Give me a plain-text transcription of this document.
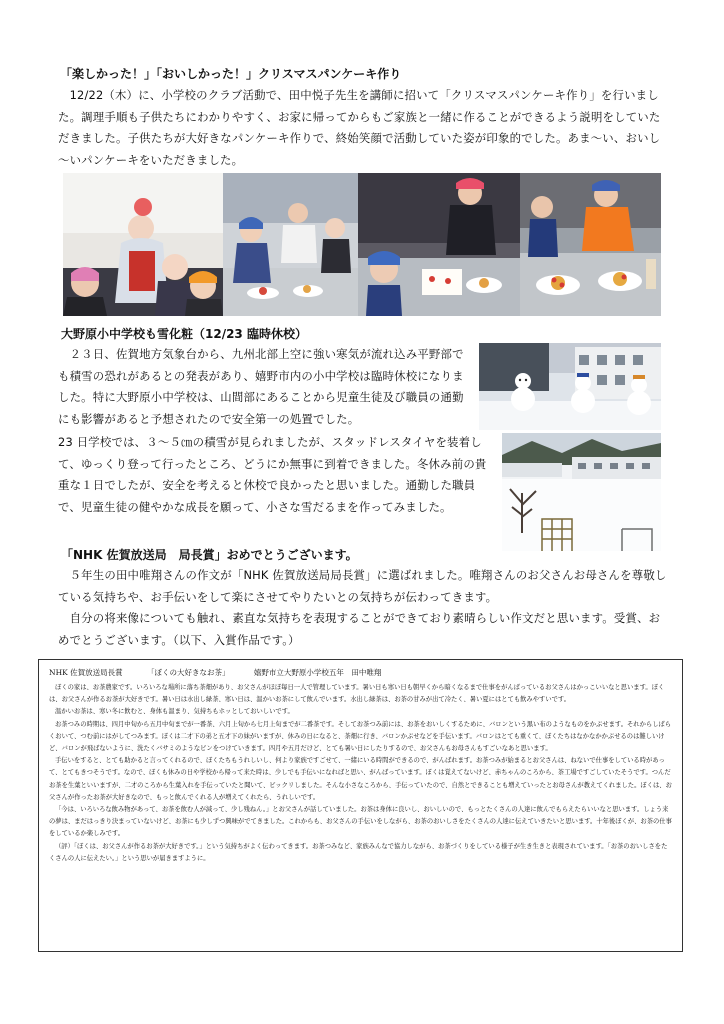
「楽しかった！」「おいしかった！」クリスマスパンケーキ作り

　12/22（木）に、小学校のクラブ活動で、田中悦子先生を講師に招いて「クリスマスパンケーキ作り」を行いました。調理手順も子供たちにわかりやすく、お家に帰ってからもご家族と一緒に作ることができるよう説明をしていただきました。子供たちが大好きなパンケーキ作りで、終始笑顔で活動していた姿が印象的でした。あま～い、おいし～いパンケーキをいただきました。

大野原小中学校も雪化粧（12/23 臨時休校）

　２３日、佐賀地方気象台から、九州北部上空に強い寒気が流れ込み平野部でも積雪の恐れがあるとの発表があり、嬉野市内の小中学校は臨時休校になりました。特に大野原小中学校は、山間部にあることから児童生徒及び職員の通勤にも影響があると予想されたので安全第一の処置でした。

23 日学校では、３～５㎝の積雪が見られましたが、スタッドレスタイヤを装着して、ゆっくり登って行ったところ、どうにか無事に到着できました。冬休み前の貴重な１日でしたが、安全を考えると休校で良かったと思いました。通勤した職員で、児童生徒の健やかな成長を願って、小さな雪だるまを作ってみました。

「NHK 佐賀放送局　局長賞」おめでとうございます。

　５年生の田中唯翔さんの作文が「NHK 佐賀放送局局長賞」に選ばれました。唯翔さんのお父さんお母さんを尊敬している気持ちや、お手伝いをして楽にさせてやりたいとの気持ちが伝わってきます。

　自分の将来像についても触れ、素直な気持ちを表現することができており素晴らしい作文だと思います。受賞、おめでとうございます。（以下、入賞作品です。）

NHK 佐賀放送局長賞	「ぼくの大好きなお茶」	嬉野市立大野原小学校五年　田中唯翔

ぼくの家は、お茶農家です。いろいろな場所に落ち茶畑があり、お父さんがほぼ毎日一人で管理しています。暑い日も寒い日も朝早くから暗くなるまで仕事をがんばっているお父さんはかっこいいなと思います。ぼくは、お父さんが作るお茶が大好きです。暑い日は水出し緑茶、寒い日は、温かいお茶にして飲んでいます。水出し緑茶は、お茶の甘みが出て冷たく、暑い夏にはとても飲みやすいです。

温かいお茶は、寒い冬に飲むと、身体も温まり、気持ちもホッとしておいしいです。

お茶つみの時期は、四月中旬から五月中旬までが一番茶、六月上旬から七月上旬までが二番茶です。そしてお茶つみ前には、お茶をおいしくするために、バロンという黒い布のようなものをかぶせます。それからしばらくおいて、つむ前にはがしてつみます。ぼくは二才下の弟と五才下の妹がいますが、休みの日になると、茶畑に行き、バロンかぶせなどを手伝います。バロンはとても重くて、ぼくたちはなかなかかぶせるのは難しいけど、バロンが飛ばないように、洗たくバサミのようなピンをつけていきます。四月や五月だけど、とても暑い日にしたりするので、お父さんもお母さんもすごいなあと思います。

手伝いをすると、とても助かると言ってくれるので、ぼくたちもうれしいし、何より家族ですごせて、一緒にいる時間ができるので、がんばれます。お茶つみが始まるとお父さんは、ねないで仕事をしている時があって、とてもきつそうです。なので、ぼくも休みの日や学校から帰って来た時は、少しでも手伝いになればと思い、がんばっています。ぼくは覚えてないけど、赤ちゃんのころから、茶工場ですごしていたそうです。つんだお茶を生葉といいますが、二才のころから生葉入れを手伝っていたと聞いて、ビックリしました。そんな小さなころから、手伝っていたので、自然とできることも増えていったとお母さんが教えてくれました。ぼくは、お父さんが作ったお茶が大好きなので、もっと飲んでくれる人が増えてくれたら、うれしいです。

「今は、いろいろな飲み物があって、お茶を飲む人が減って、少し残ねん。」とお父さんが話していました。お茶は身体に良いし、おいしいので、もっとたくさんの人達に飲んでもらえたらいいなと思います。しょう来の夢は、まだはっきり決まっていないけど、お茶にも少しずつ興味がでてきました。これからも、お父さんの手伝いをしながら、お茶のおいしさをたくさんの人達に伝えていきたいと思います。十年後ぼくが、お茶の仕事をしているか楽しみです。

（評）「ぼくは、お父さんが作るお茶が大好きです。」という気持ちがよく伝わってきます。お茶つみなど、家族みんなで協力しながら、お茶づくりをしている様子が生き生きと表現されています。「お茶のおいしさをたくさんの人に伝えたい。」という思いが届きますように。
